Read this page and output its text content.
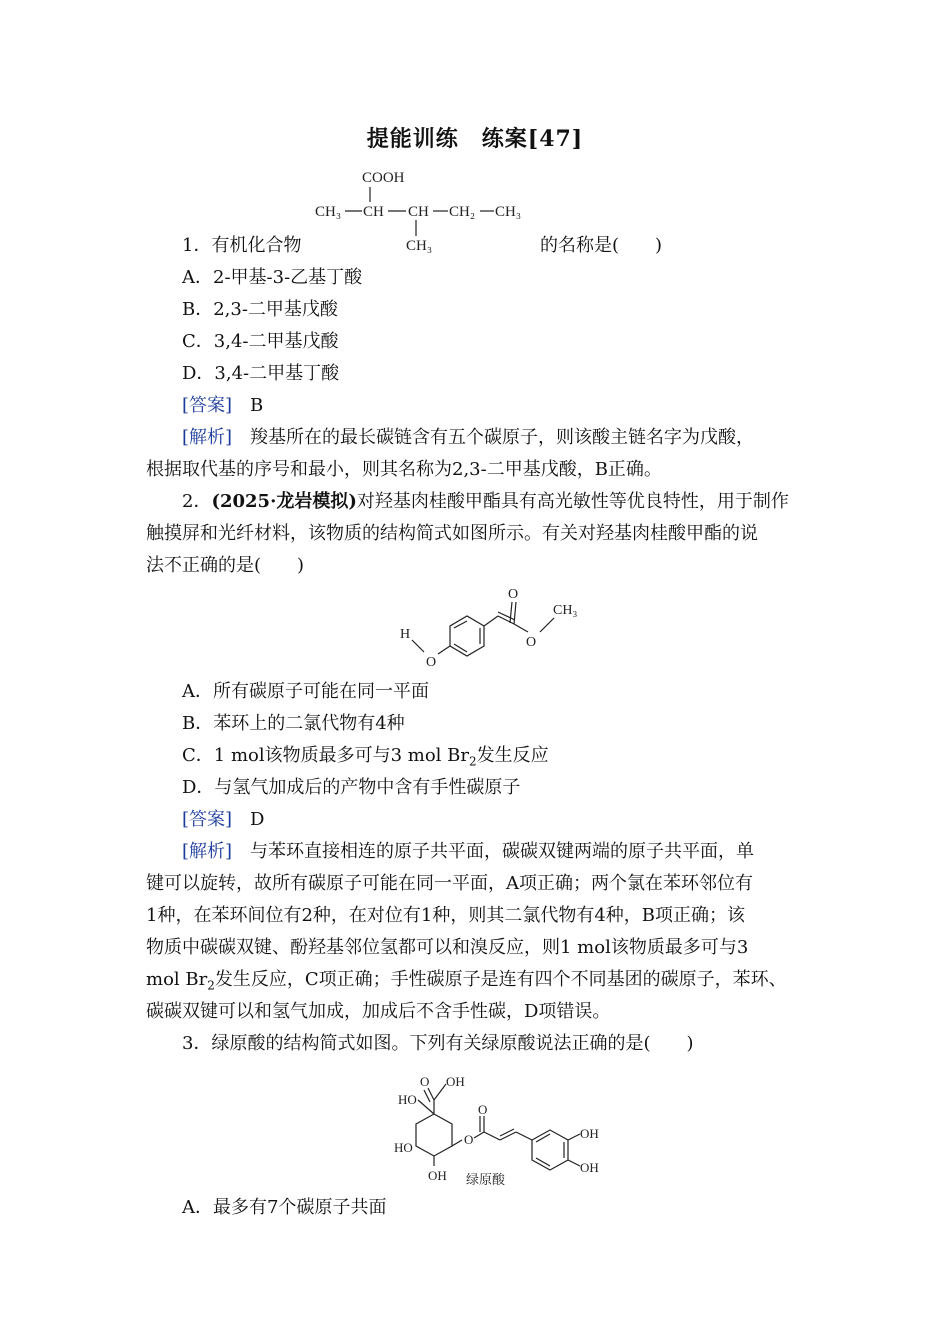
提能训练　练案[47]
COOH
CH₃ CH CH CH₂ CH₃
CH₃
1．有机化合物	的名称是(　　)
A．2-甲基-3-乙基丁酸
B．2,3-二甲基戊酸
C．3,4-二甲基戊酸
D．3,4-二甲基丁酸
[答案]　 B
[解析]　 羧基所在的最长碳链含有五个碳原子，则该酸主链名字为戊酸，
根据取代基的序号和最小，则其名称为2,3-二甲基戊酸，B正确。
2．(2025·龙岩模拟)对羟基肉桂酸甲酯具有高光敏性等优良特性，用于制作
触摸屏和光纤材料，该物质的结构简式如图所示。有关对羟基肉桂酸甲酯的说
法不正确的是(　　)
H
O
O
O
CH₃
A．所有碳原子可能在同一平面
B．苯环上的二氯代物有4种
C．1 mol该物质最多可与3 mol $Br_2$发生反应
D．与氢气加成后的产物中含有手性碳原子
[答案]　 D
[解析]　 与苯环直接相连的原子共平面，碳碳双键两端的原子共平面，单
键可以旋转，故所有碳原子可能在同一平面，A项正确；两个氯在苯环邻位有
1种，在苯环间位有2种，在对位有1种，则其二氯代物有4种，B项正确；该
物质中碳碳双键、酚羟基邻位氢都可以和溴反应，则1 mol该物质最多可与3
mol $Br_2$发生反应，C项正确；手性碳原子是连有四个不同基团的碳原子，苯环、
碳碳双键可以和氢气加成，加成后不含手性碳，D项错误。
3．绿原酸的结构简式如图。下列有关绿原酸说法正确的是(　　)
O OH
HO
HO
OH
O
O
OH
OH
绿原酸
A．最多有7个碳原子共面
